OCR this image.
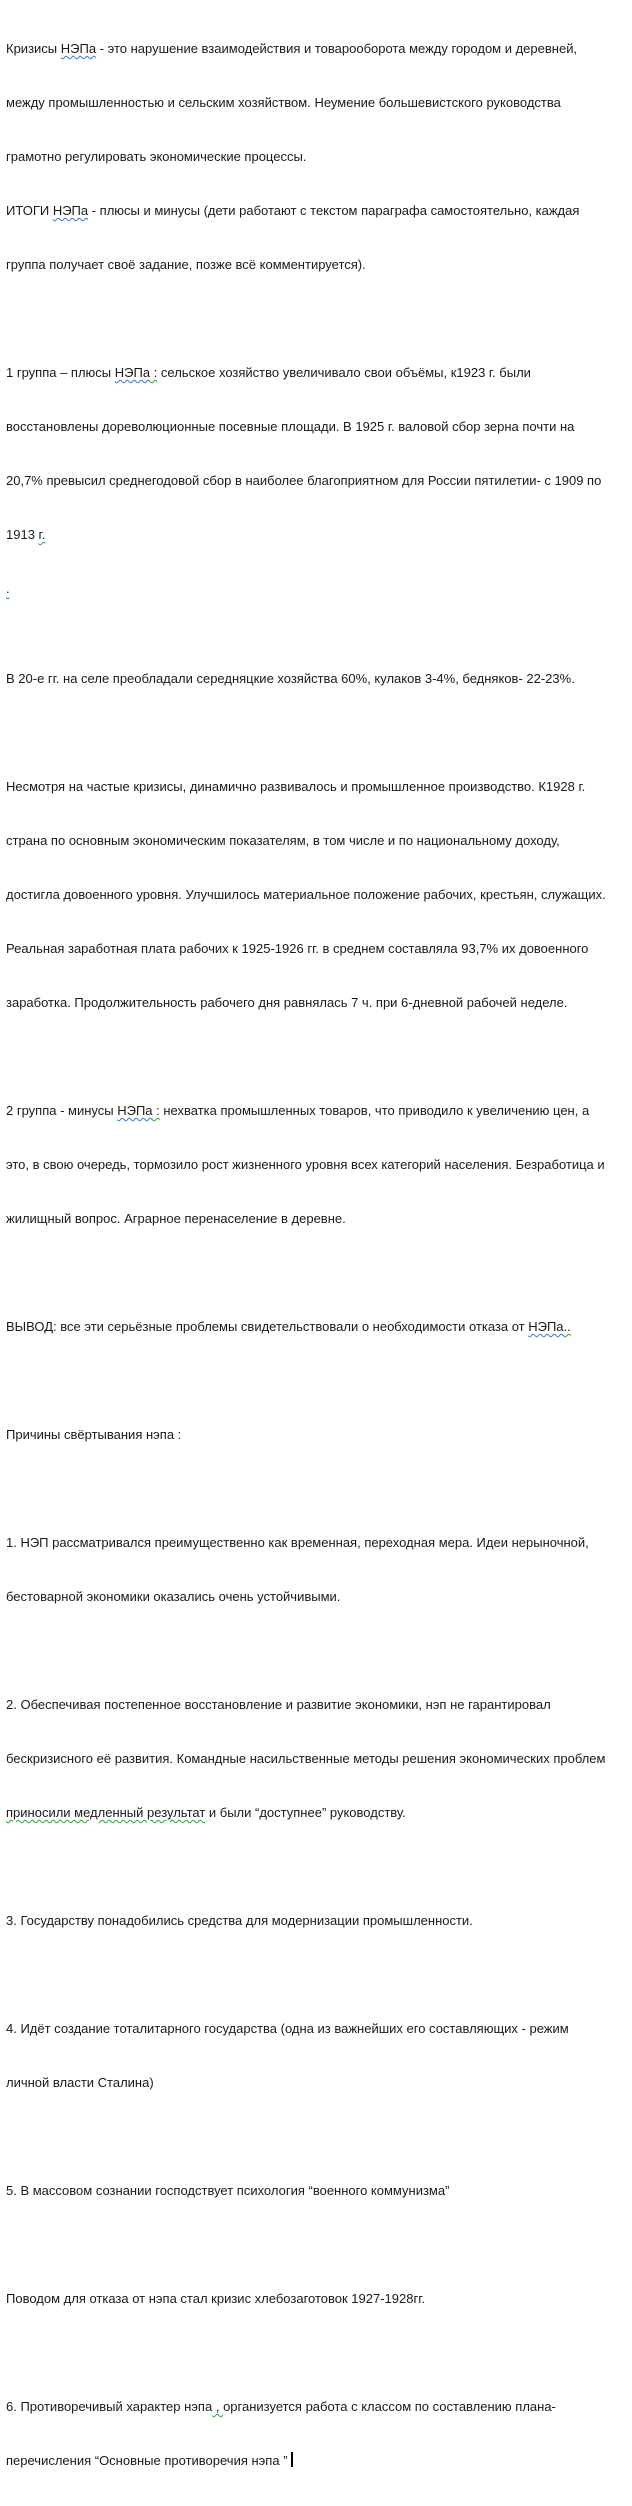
Кризисы НЭПа - это нарушение взаимодействия и товарооборота между городом и деревней,

между промышленностью и сельским хозяйством. Неумение большевистского руководства

грамотно регулировать экономические процессы.

ИТОГИ НЭПа - плюсы и минусы (дети работают с текстом параграфа самостоятельно, каждая

группа получает своё задание, позже всё комментируется).

1 группа – плюсы НЭПа : сельское хозяйство увеличивало свои объёмы, к1923 г. были

восстановлены дореволюционные посевные площади. В 1925 г. валовой сбор зерна почти на

20,7% превысил среднегодовой сбор в наиболее благоприятном для России пятилетии- с 1909 по

1913 г.

.

В 20-е гг. на селе преобладали середняцкие хозяйства 60%, кулаков 3-4%, бедняков- 22-23%.

Несмотря на частые кризисы, динамично развивалось и промышленное производство. К1928 г.

страна по основным экономическим показателям, в том числе и по национальному доходу,

достигла довоенного уровня. Улучшилось материальное положение рабочих, крестьян, служащих.

Реальная заработная плата рабочих к 1925-1926 гг. в среднем составляла 93,7% их довоенного

заработка. Продолжительность рабочего дня равнялась 7 ч. при 6-дневной рабочей неделе.

2 группа - минусы НЭПа : нехватка промышленных товаров, что приводило к увеличению цен, а

это, в свою очередь, тормозило рост жизненного уровня всех категорий населения. Безработица и

жилищный вопрос. Аграрное перенаселение в деревне.

ВЫВОД: все эти серьёзные проблемы свидетельствовали о необходимости отказа от НЭПа..

Причины свёртывания нэпа :

1. НЭП рассматривался преимущественно как временная, переходная мера. Идеи нерыночной,

бестоварной экономики оказались очень устойчивыми.

2. Обеспечивая постепенное восстановление и развитие экономики, нэп не гарантировал

бескризисного её развития. Командные насильственные методы решения экономических проблем

приносили медленный результат и были “доступнее” руководству.

3. Государству понадобились средства для модернизации промышленности.

4. Идёт создание тоталитарного государства (одна из важнейших его составляющих - режим

личной власти Сталина)

5. В массовом сознании господствует психология “военного коммунизма”

Поводом для отказа от нэпа стал кризис хлебозаготовок 1927-1928гг.

6. Противоречивый характер нэпа , организуется работа с классом по составлению плана-

перечисления “Основные противоречия нэпа ”
